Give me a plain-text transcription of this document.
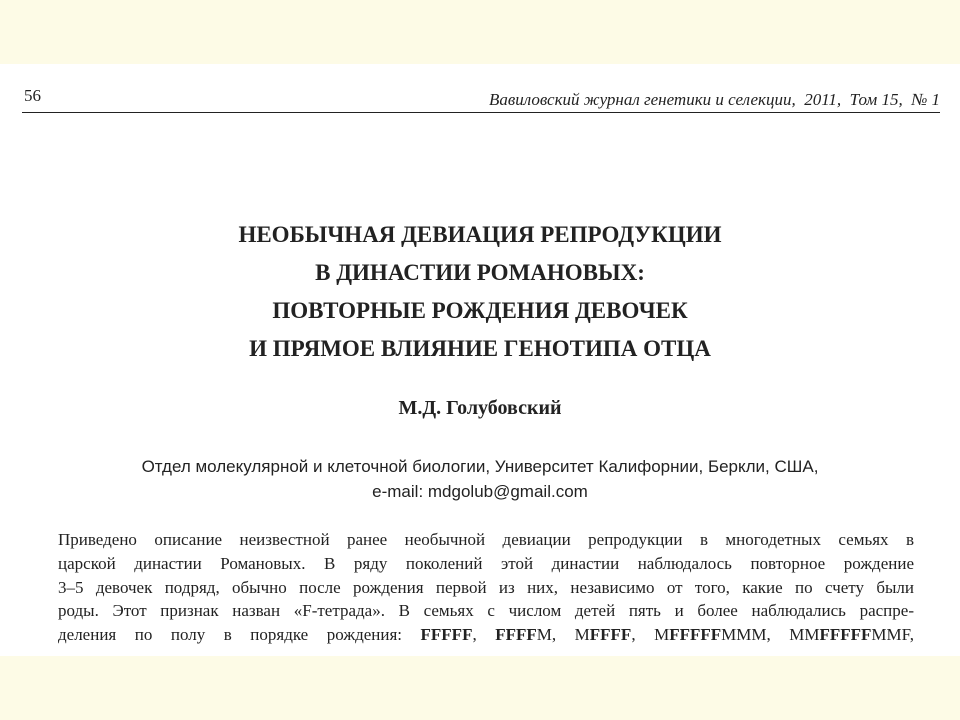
56	Вавиловский журнал генетики и селекции,  2011,  Том 15,  № 1
НЕОБЫЧНАЯ ДЕВИАЦИЯ РЕПРОДУКЦИИ
В ДИНАСТИИ РОМАНОВЫХ:
ПОВТОРНЫЕ РОЖДЕНИЯ ДЕВОЧЕК
И ПРЯМОЕ ВЛИЯНИЕ ГЕНОТИПА ОТЦА
М.Д. Голубовский
Отдел молекулярной и клеточной биологии, Университет Калифорнии, Беркли, США,
e-mail: mdgolub@gmail.com
Приведено описание неизвестной ранее необычной девиации репродукции в многодетных семьях в
царской династии Романовых. В ряду поколений этой династии наблюдалось повторное рождение
3–5 девочек подряд, обычно после рождения первой из них, независимо от того, какие по счету были
роды. Этот признак назван «F-тетрада». В семьях с числом детей пять и более наблюдались распре-
деления по полу в порядке рождения: FFFFF, FFFFM, MFFFF, MFFFFFMMM, MMFFFFFMMF,
